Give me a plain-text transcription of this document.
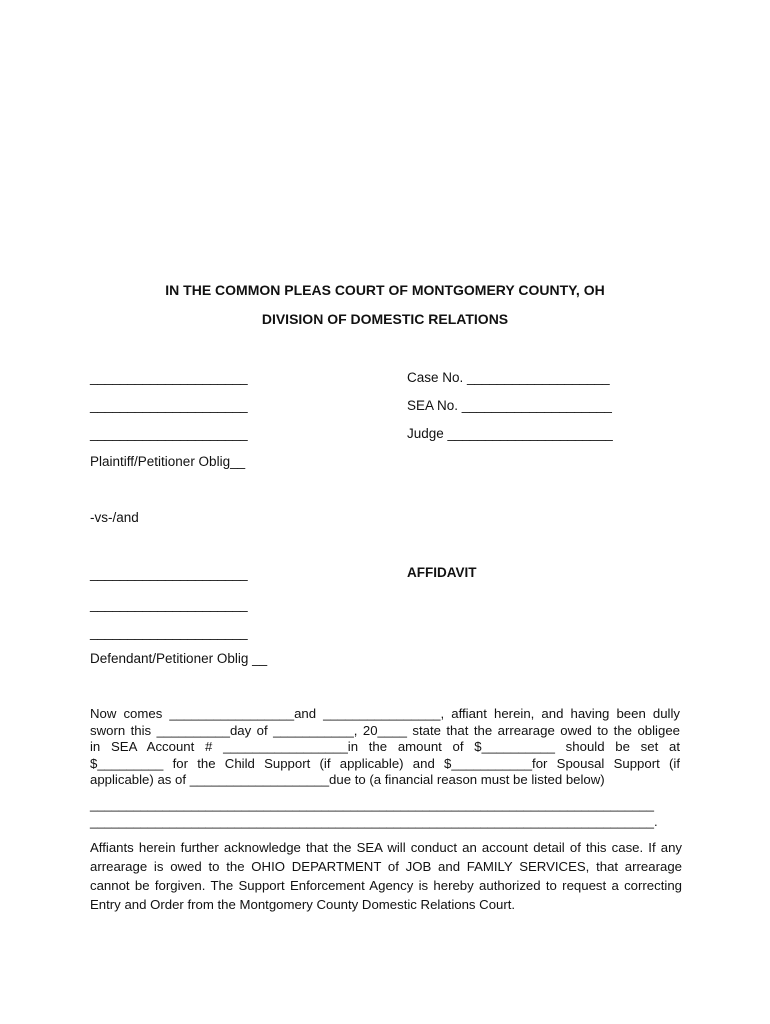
IN THE COMMON PLEAS COURT OF MONTGOMERY COUNTY, OH
DIVISION OF DOMESTIC RELATIONS
_____________________
_____________________
_____________________
Plaintiff/Petitioner Oblig__
Case No. ___________________
SEA No. ____________________
Judge ______________________
-vs-/and
AFFIDAVIT
_____________________
_____________________
_____________________
Defendant/Petitioner Oblig __
Now comes _________________and ________________, affiant herein, and having been dully
sworn this __________day of ___________, 20____ state that the arrearage owed to the obligee
in SEA Account # _________________in the amount of $__________ should be set at
$_________ for the Child Support (if applicable) and $___________for Spousal Support (if
applicable) as of ___________________due to (a financial reason must be listed below)
______________________________________________________________________________
______________________________________________________________________________.
Affiants herein further acknowledge that the SEA will conduct an account detail of this case. If any
arrearage is owed to the OHIO DEPARTMENT of JOB and FAMILY SERVICES, that arrearage
cannot be forgiven. The Support Enforcement Agency is hereby authorized to request a correcting
Entry and Order from the Montgomery County Domestic Relations Court.
